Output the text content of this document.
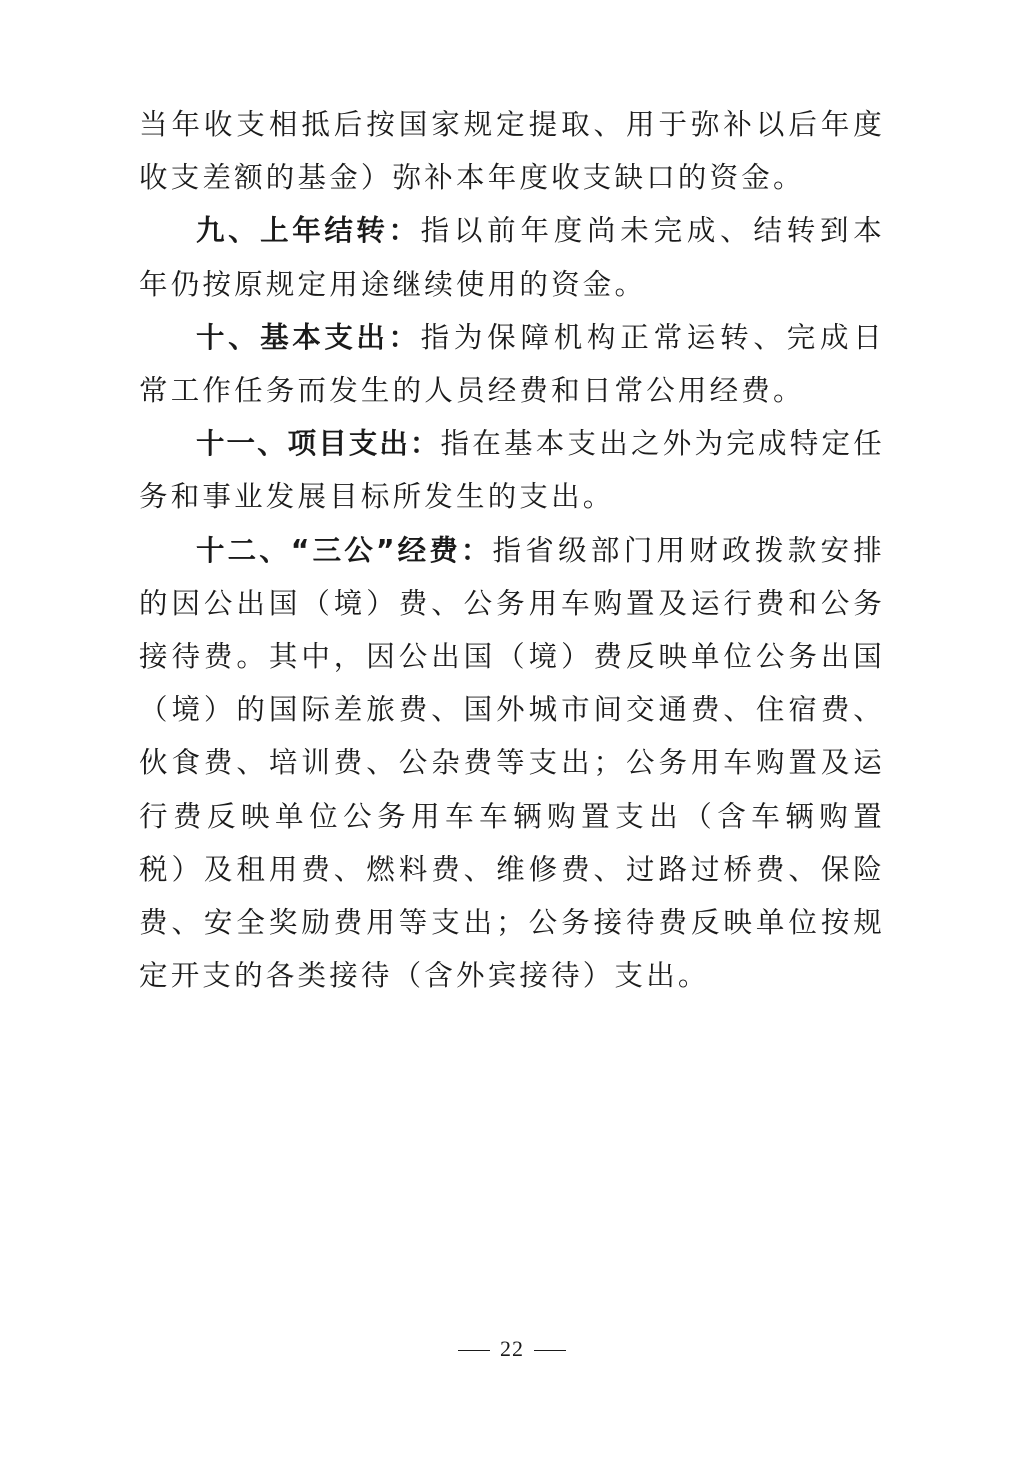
当年收支相抵后按国家规定提取、用于弥补以后年度收支差额的基金）弥补本年度收支缺口的资金。

九、上年结转：指以前年度尚未完成、结转到本年仍按原规定用途继续使用的资金。

十、基本支出：指为保障机构正常运转、完成日常工作任务而发生的人员经费和日常公用经费。

十一、项目支出：指在基本支出之外为完成特定任务和事业发展目标所发生的支出。

十二、“三公”经费：指省级部门用财政拨款安排的因公出国（境）费、公务用车购置及运行费和公务接待费。其中，因公出国（境）费反映单位公务出国（境）的国际差旅费、国外城市间交通费、住宿费、伙食费、培训费、公杂费等支出；公务用车购置及运行费反映单位公务用车车辆购置支出（含车辆购置税）及租用费、燃料费、维修费、过路过桥费、保险费、安全奖励费用等支出；公务接待费反映单位按规定开支的各类接待（含外宾接待）支出。

22
